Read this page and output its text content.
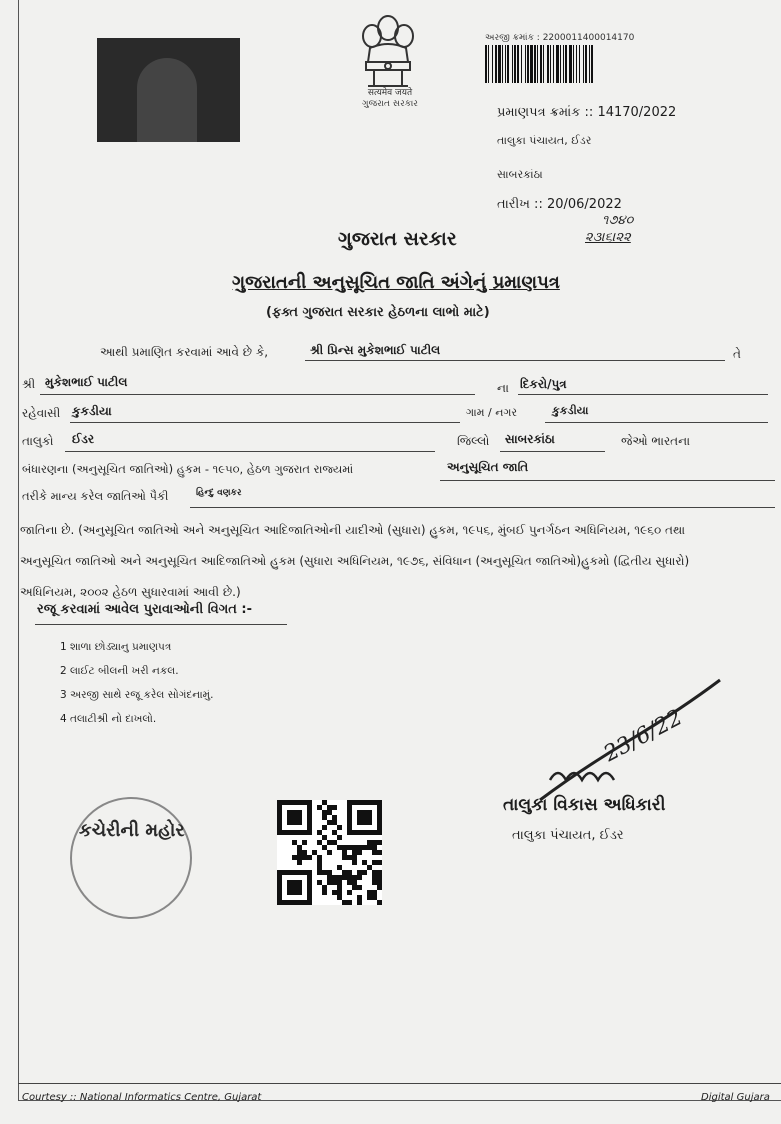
सत्यमेव जयते
ગુજરાત સરકાર
અરજી ક્રમાંક : 2200011400014170
પ્રમાણપત્ર ક્રમાંક :: 14170/2022
તાલુકા પંચાયત, ઈડર
સાબરકાંઠા
તારીખ :: 20/06/2022
૧૭૪૦
૨૩।૬।૨૨
ગુજરાત સરકાર
ગુજરાતની અનુસૂચિત જાતિ અંગેનું પ્રમાણપત્ર
(ફક્ત ગુજરાત સરકાર હેઠળના લાભો માટે)
આથી પ્રમાણિત કરવામાં આવે છે કે,	શ્રી પ્રિન્સ મુકેશભાઈ પાટીલ	તે
શ્રી મુકેશભાઈ પાટીલ	ના દિકરો/પુત્ર
રહેવાસી કુકડીયા	ગામ / નગર	કુકડીયા
તાલુકો ઈડર	જિલ્લો સાબરકાંઠા	જેઓ ભારતના
બંધારણના (અનુસૂચિત જાતિઓ) હુકમ - ૧૯૫૦, હેઠળ ગુજરાત રાજ્યમાં	અનુસૂચિત જાતિ
તરીકે માન્ય કરેલ જાતિઓ પૈકી	હિન્દુ વણકર
જાતિના છે. (અનુસૂચિત જાતિઓ અને અનુસૂચિત આદિજાતિઓની યાદીઓ (સુધારા) હુકમ, ૧૯૫૬, મુંબઈ પુનર્ગઠન અધિનિયમ, ૧૯૬૦ તથા
અનુસૂચિત જાતિઓ અને અનુસૂચિત આદિજાતિઓ હુકમ (સુધારા અધિનિયમ, ૧૯૭૬, સંવિધાન (અનુસૂચિત જાતિઓ)હુકમો (દ્વિતીય સુધારો)
અધિનિયમ, ૨૦૦૨ હેઠળ સુધારવામાં આવી છે.)
રજૂ કરવામાં આવેલ પુરાવાઓની વિગત :-
1 શાળા છોડ્યાનુ પ્રમાણપત્ર
2 લાઈટ બીલની ખરી નકલ.
3 અરજી સાથે રજૂ કરેલ સોગંદનામું.
4 તલાટીશ્રી નો દાખલો.
કચેરીની મહોર
23/6/22
તાલુકા વિકાસ અધિકારી
તાલુકા પંચાયત, ઈડર
Courtesy :: National Informatics Centre, Gujarat	Digital Gujara
